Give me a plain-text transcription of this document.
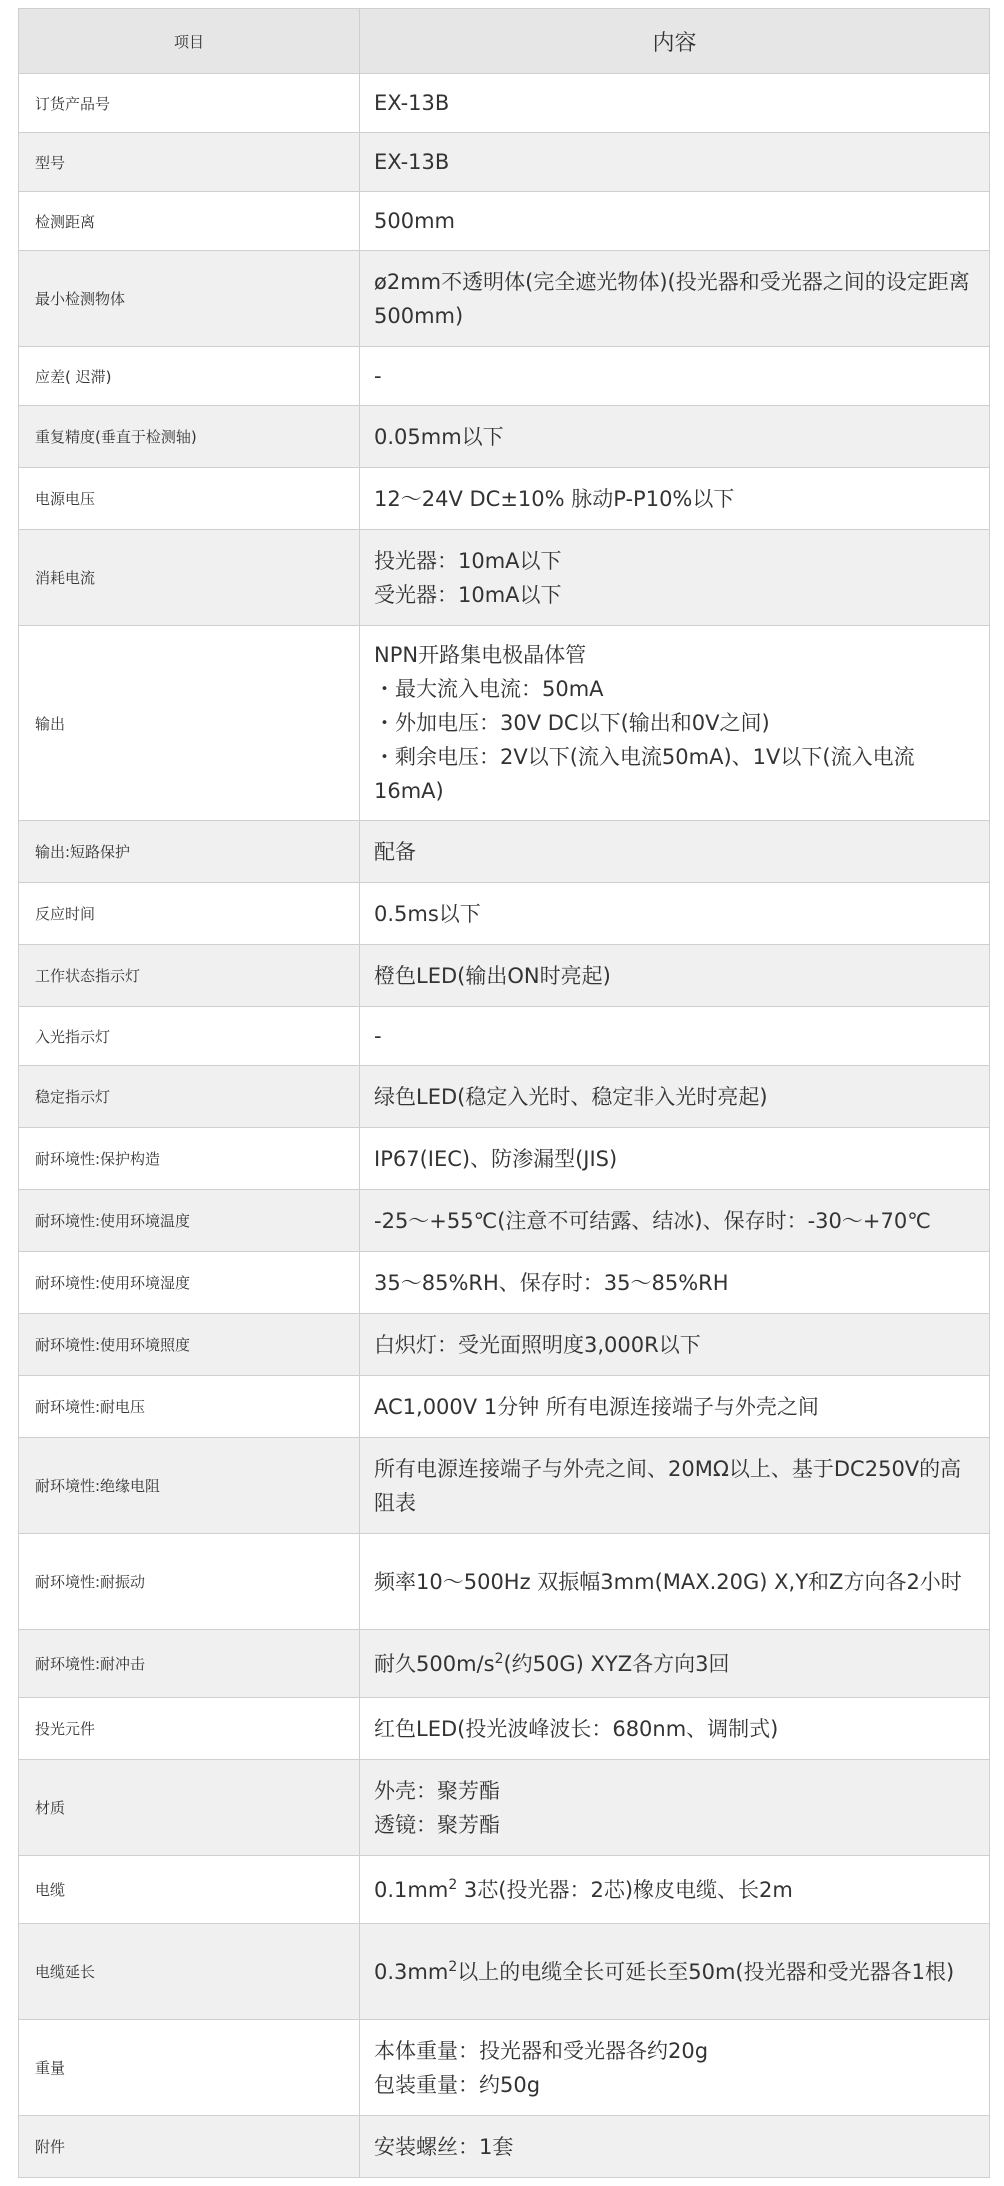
项目	内容
订货产品号	EX-13B

型号	EX-13B

检测距离	500mm

最小检测物体	ø2mm不透明体(完全遮光物体)(投光器和受光器之间的设定距离500mm)

应差( 迟滞)	-

重复精度(垂直于检测轴)	0.05mm以下

电源电压	12～24V DC±10% 脉动P-P10%以下

消耗电流	投光器：10mA以下
受光器：10mA以下

输出	NPN开路集电极晶体管
・最大流入电流：50mA
・外加电压：30V DC以下(输出和0V之间)
・剩余电压：2V以下(流入电流50mA)、1V以下(流入电流16mA)

输出:短路保护	配备

反应时间	0.5ms以下

工作状态指示灯	橙色LED(输出ON时亮起)

入光指示灯	-

稳定指示灯	绿色LED(稳定入光时、稳定非入光时亮起)

耐环境性:保护构造	IP67(IEC)、防渗漏型(JIS)

耐环境性:使用环境温度	-25～+55℃(注意不可结露、结冰)、保存时：-30～+70℃

耐环境性:使用环境湿度	35～85%RH、保存时：35～85%RH

耐环境性:使用环境照度	白炽灯：受光面照明度3,000R以下

耐环境性:耐电压	AC1,000V 1分钟 所有电源连接端子与外壳之间

耐环境性:绝缘电阻	所有电源连接端子与外壳之间、20MΩ以上、基于DC250V的高阻表

耐环境性:耐振动	频率10～500Hz 双振幅3mm(MAX.20G) X,Y和Z方向各2小时

耐环境性:耐冲击	耐久$500m/s^2$(约50G) XYZ各方向3回
投光元件	红色LED(投光波峰波长：680nm、调制式)

材质	外壳：聚芳酯
透镜：聚芳酯

电缆	$0.1mm^2$ 3芯(投光器：2芯)橡皮电缆、长2m
电缆延长	$0.3mm^2$以上的电缆全长可延长至50m(投光器和受光器各1根)
重量	本体重量：投光器和受光器各约20g
包装重量：约50g

附件	安装螺丝：1套
